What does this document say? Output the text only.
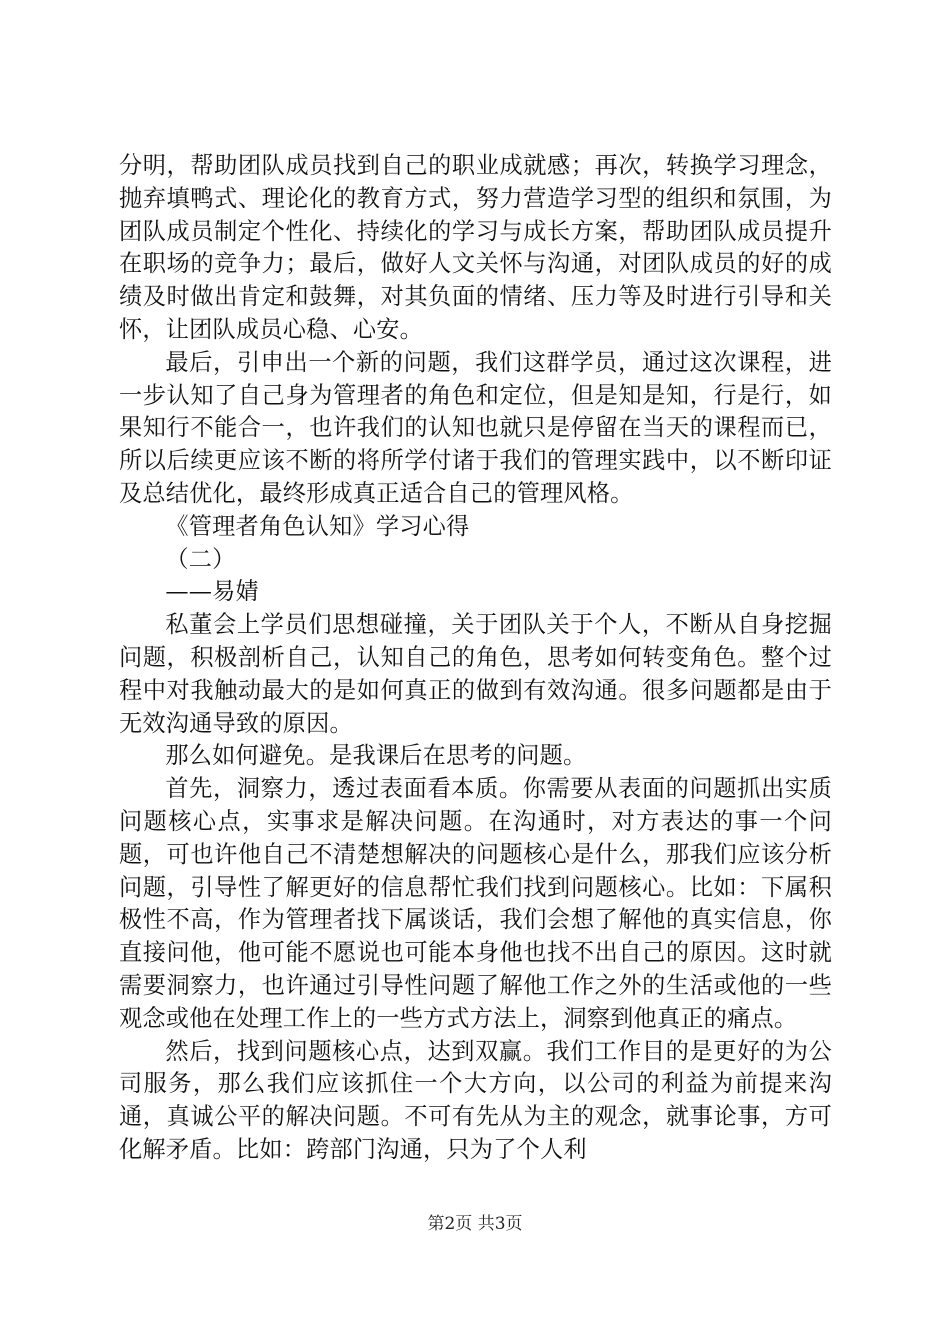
分明，帮助团队成员找到自己的职业成就感；再次，转换学习理念，抛弃填鸭式、理论化的教育方式，努力营造学习型的组织和氛围，为团队成员制定个性化、持续化的学习与成长方案，帮助团队成员提升在职场的竞争力；最后，做好人文关怀与沟通，对团队成员的好的成绩及时做出肯定和鼓舞，对其负面的情绪、压力等及时进行引导和关怀，让团队成员心稳、心安。

最后，引申出一个新的问题，我们这群学员，通过这次课程，进一步认知了自己身为管理者的角色和定位，但是知是知，行是行，如果知行不能合一，也许我们的认知也就只是停留在当天的课程而已，所以后续更应该不断的将所学付诸于我们的管理实践中，以不断印证及总结优化，最终形成真正适合自己的管理风格。

《管理者角色认知》学习心得

（二）

——易婧

私董会上学员们思想碰撞，关于团队关于个人，不断从自身挖掘问题，积极剖析自己，认知自己的角色，思考如何转变角色。整个过程中对我触动最大的是如何真正的做到有效沟通。很多问题都是由于无效沟通导致的原因。

那么如何避免。是我课后在思考的问题。

首先，洞察力，透过表面看本质。你需要从表面的问题抓出实质问题核心点，实事求是解决问题。在沟通时，对方表达的事一个问题，可也许他自己不清楚想解决的问题核心是什么，那我们应该分析问题，引导性了解更好的信息帮忙我们找到问题核心。比如：下属积极性不高，作为管理者找下属谈话，我们会想了解他的真实信息，你直接问他，他可能不愿说也可能本身他也找不出自己的原因。这时就需要洞察力，也许通过引导性问题了解他工作之外的生活或他的一些观念或他在处理工作上的一些方式方法上，洞察到他真正的痛点。

然后，找到问题核心点，达到双赢。我们工作目的是更好的为公司服务，那么我们应该抓住一个大方向，以公司的利益为前提来沟通，真诚公平的解决问题。不可有先从为主的观念，就事论事，方可化解矛盾。比如：跨部门沟通，只为了个人利

第2页 共3页
